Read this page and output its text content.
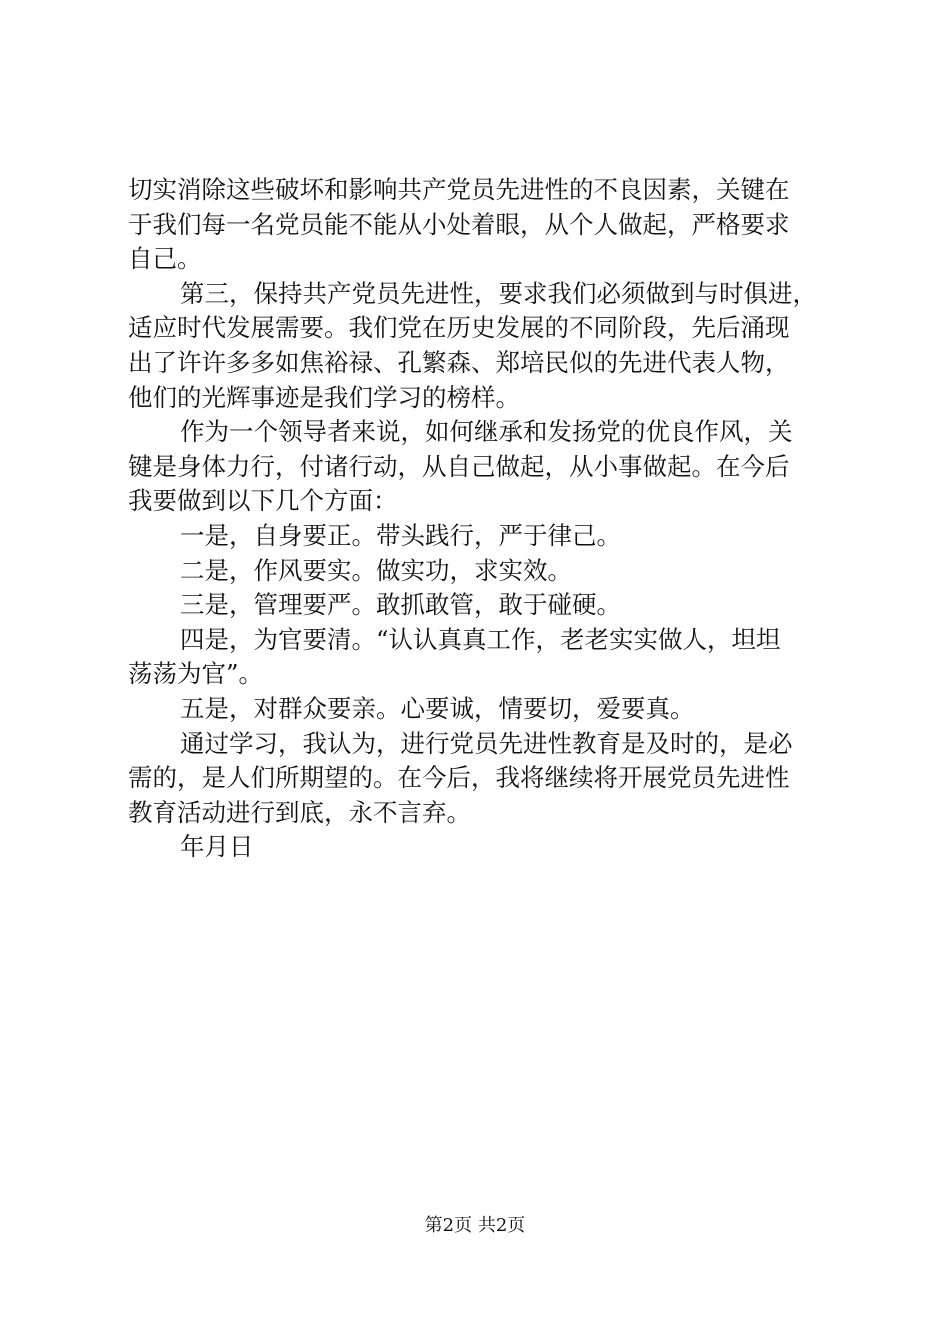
切实消除这些破坏和影响共产党员先进性的不良因素，关键在

于我们每一名党员能不能从小处着眼，从个人做起，严格要求

自己。

第三，保持共产党员先进性，要求我们必须做到与时俱进，

适应时代发展需要。我们党在历史发展的不同阶段，先后涌现

出了许许多多如焦裕禄、孔繁森、郑培民似的先进代表人物，

他们的光辉事迹是我们学习的榜样。

作为一个领导者来说，如何继承和发扬党的优良作风，关

键是身体力行，付诸行动，从自己做起，从小事做起。在今后

我要做到以下几个方面：

一是，自身要正。带头践行，严于律己。

二是，作风要实。做实功，求实效。

三是，管理要严。敢抓敢管，敢于碰硬。

四是，为官要清。“认认真真工作，老老实实做人，坦坦

荡荡为官”。

五是，对群众要亲。心要诚，情要切，爱要真。

通过学习，我认为，进行党员先进性教育是及时的，是必

需的，是人们所期望的。在今后，我将继续将开展党员先进性

教育活动进行到底，永不言弃。

年月日

第2页 共2页
